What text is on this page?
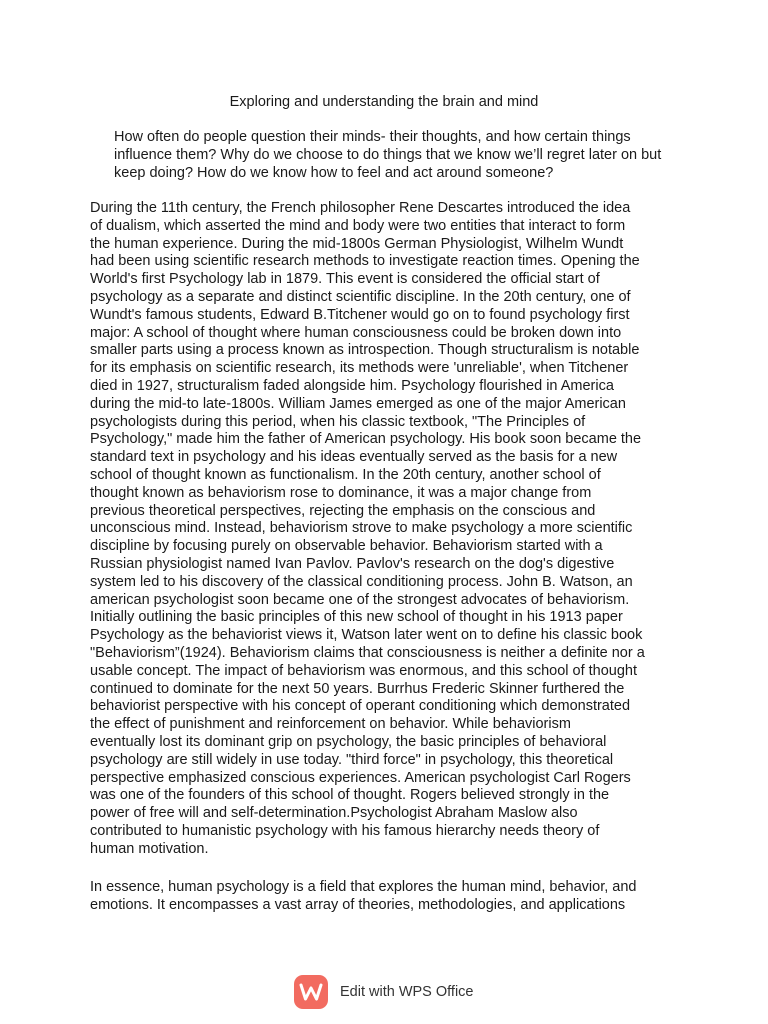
Exploring and understanding the brain and mind

How often do people question their minds- their thoughts, and how certain things influence them? Why do we choose to do things that we know we’ll regret later on but keep doing? How do we know how to feel and act around someone?

During the 11th century, the French philosopher Rene Descartes introduced the idea
of dualism, which asserted the mind and body were two entities that interact to form
the human experience. During the mid-1800s German Physiologist, Wilhelm Wundt
had been using scientific research methods to investigate reaction times. Opening the
World's first Psychology lab in 1879. This event is considered the official start of
psychology as a separate and distinct scientific discipline. In the 20th century, one of
Wundt's famous students, Edward B.Titchener would go on to found psychology first
major: A school of thought where human consciousness could be broken down into
smaller parts using a process known as introspection. Though structuralism is notable
for its emphasis on scientific research, its methods were 'unreliable', when Titchener
died in 1927, structuralism faded alongside him. Psychology flourished in America
during the mid-to late-1800s. William James emerged as one of the major American
psychologists during this period, when his classic textbook, "The Principles of
Psychology," made him the father of American psychology. His book soon became the
standard text in psychology and his ideas eventually served as the basis for a new
school of thought known as functionalism. In the 20th century, another school of
thought known as behaviorism rose to dominance, it was a major change from
previous theoretical perspectives, rejecting the emphasis on the conscious and
unconscious mind. Instead, behaviorism strove to make psychology a more scientific
discipline by focusing purely on observable behavior. Behaviorism started with a
Russian physiologist named Ivan Pavlov. Pavlov's research on the dog's digestive
system led to his discovery of the classical conditioning process. John B. Watson, an
american psychologist soon became one of the strongest advocates of behaviorism.
Initially outlining the basic principles of this new school of thought in his 1913 paper
Psychology as the behaviorist views it, Watson later went on to define his classic book
"Behaviorism”(1924). Behaviorism claims that consciousness is neither a definite nor a
usable concept. The impact of behaviorism was enormous, and this school of thought
continued to dominate for the next 50 years. Burrhus Frederic Skinner furthered the
behaviorist perspective with his concept of operant conditioning which demonstrated
the effect of punishment and reinforcement on behavior. While behaviorism
eventually lost its dominant grip on psychology, the basic principles of behavioral
psychology are still widely in use today. "third force" in psychology, this theoretical
perspective emphasized conscious experiences. American psychologist Carl Rogers
was one of the founders of this school of thought. Rogers believed strongly in the
power of free will and self-determination.Psychologist Abraham Maslow also
contributed to humanistic psychology with his famous hierarchy needs theory of
human motivation.

In essence, human psychology is a field that explores the human mind, behavior, and
emotions. It encompasses a vast array of theories, methodologies, and applications

Edit with WPS Office
